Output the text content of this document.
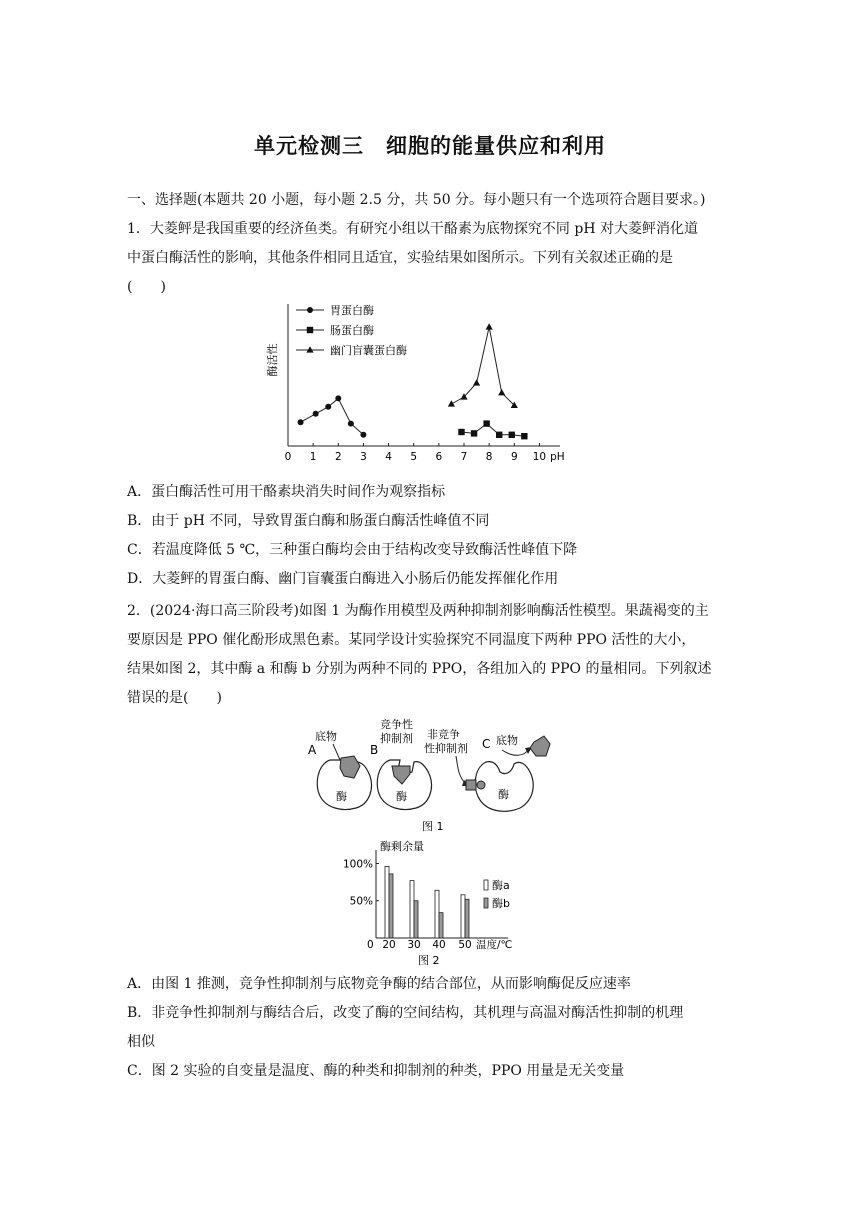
单元检测三　细胞的能量供应和利用

一、选择题(本题共 20 小题，每小题 2.5 分，共 50 分。每小题只有一个选项符合题目要求。)

1．大菱鲆是我国重要的经济鱼类。有研究小组以干酪素为底物探究不同 pH 对大菱鲆消化道

中蛋白酶活性的影响，其他条件相同且适宜，实验结果如图所示。下列有关叙述正确的是

(　　)

酶活性
0 1 2 3 4 5 6 7 8 9 10 pH
胃蛋白酶
肠蛋白酶
幽门盲囊蛋白酶

A．蛋白酶活性可用干酪素块消失时间作为观察指标

B．由于 pH 不同，导致胃蛋白酶和肠蛋白酶活性峰值不同

C．若温度降低 5 ℃，三种蛋白酶均会由于结构改变导致酶活性峰值下降

D．大菱鲆的胃蛋白酶、幽门盲囊蛋白酶进入小肠后仍能发挥催化作用

2．(2024·海口高三阶段考)如图 1 为酶作用模型及两种抑制剂影响酶活性模型。果蔬褐变的主

要原因是 PPO 催化酚形成黑色素。某同学设计实验探究不同温度下两种 PPO 活性的大小，

结果如图 2，其中酶 a 和酶 b 分别为两种不同的 PPO，各组加入的 PPO 的量相同。下列叙述

错误的是(　　)

A
底物
酶
B
竞争性
抑制剂
酶
非竞争
性抑制剂 C 底物
酶
图 1
酶剩余量
0
100%
50%
20 30 40 50 温度/℃
酶a
酶b
图 2

A．由图 1 推测，竞争性抑制剂与底物竞争酶的结合部位，从而影响酶促反应速率

B．非竞争性抑制剂与酶结合后，改变了酶的空间结构，其机理与高温对酶活性抑制的机理

相似

C．图 2 实验的自变量是温度、酶的种类和抑制剂的种类，PPO 用量是无关变量
